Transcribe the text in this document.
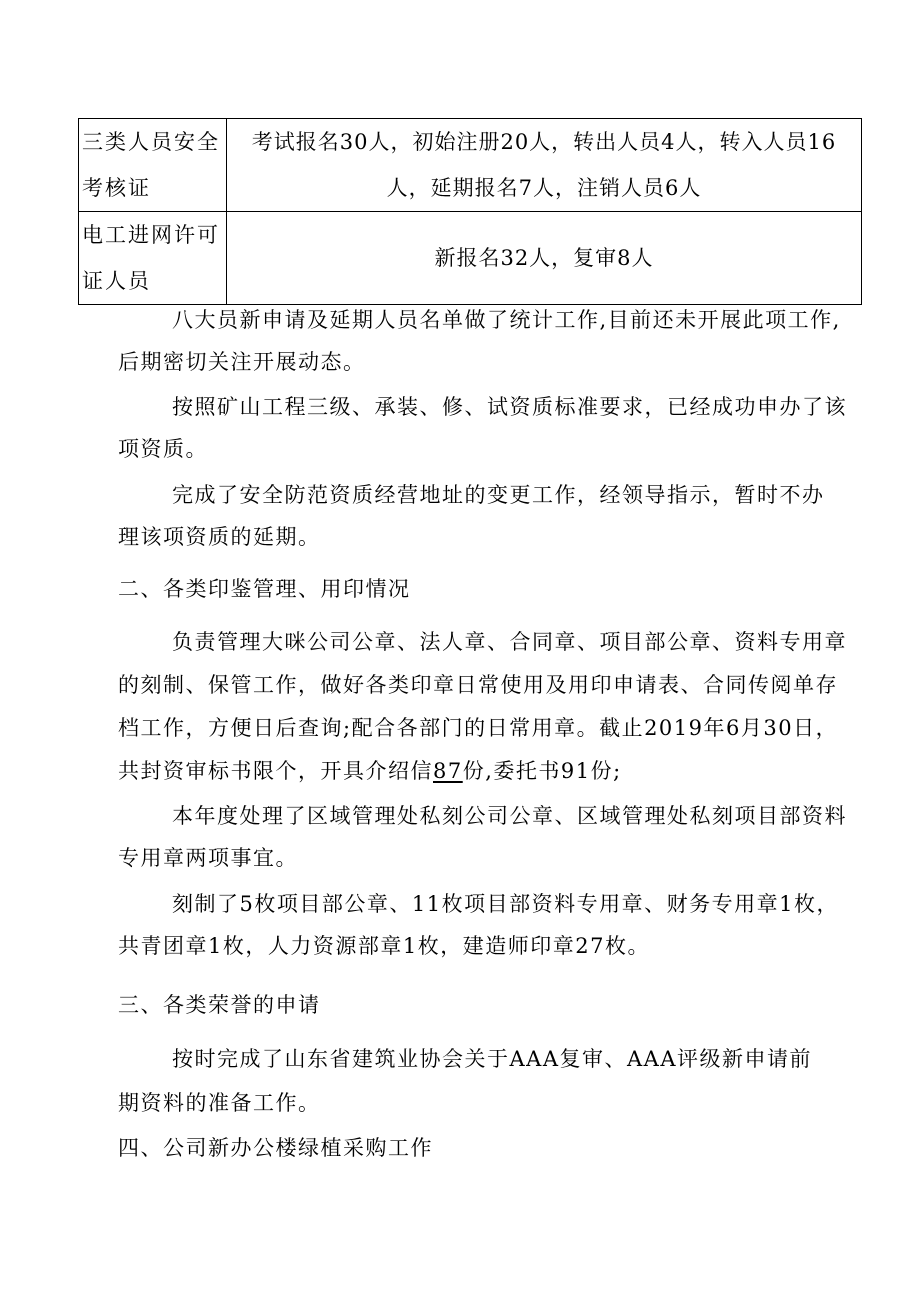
三类人员安全考核证	考试报名30人，初始注册20人，转出人员4人，转入人员16人，延期报名7人，注销人员6人
电工进网许可证人员	新报名32人，复审8人
八大员新申请及延期人员名单做了统计工作,目前还未开展此项工作,
后期密切关注开展动态。
按照矿山工程三级、承装、修、试资质标准要求，已经成功申办了该
项资质。
完成了安全防范资质经营地址的变更工作，经领导指示，暂时不办
理该项资质的延期。
二、各类印鉴管理、用印情况
负责管理大咪公司公章、法人章、合同章、项目部公章、资料专用章
的刻制、保管工作，做好各类印章日常使用及用印申请表、合同传阅单存
档工作，方便日后查询;配合各部门的日常用章。截止2019年6月30日，
共封资审标书限个，开具介绍信87份,委托书91份;
本年度处理了区域管理处私刻公司公章、区域管理处私刻项目部资料
专用章两项事宜。
刻制了5枚项目部公章、11枚项目部资料专用章、财务专用章1枚，
共青团章1枚，人力资源部章1枚，建造师印章27枚。
三、各类荣誉的申请
按时完成了山东省建筑业协会关于AAA复审、AAA评级新申请前
期资料的准备工作。
四、公司新办公楼绿植采购工作
